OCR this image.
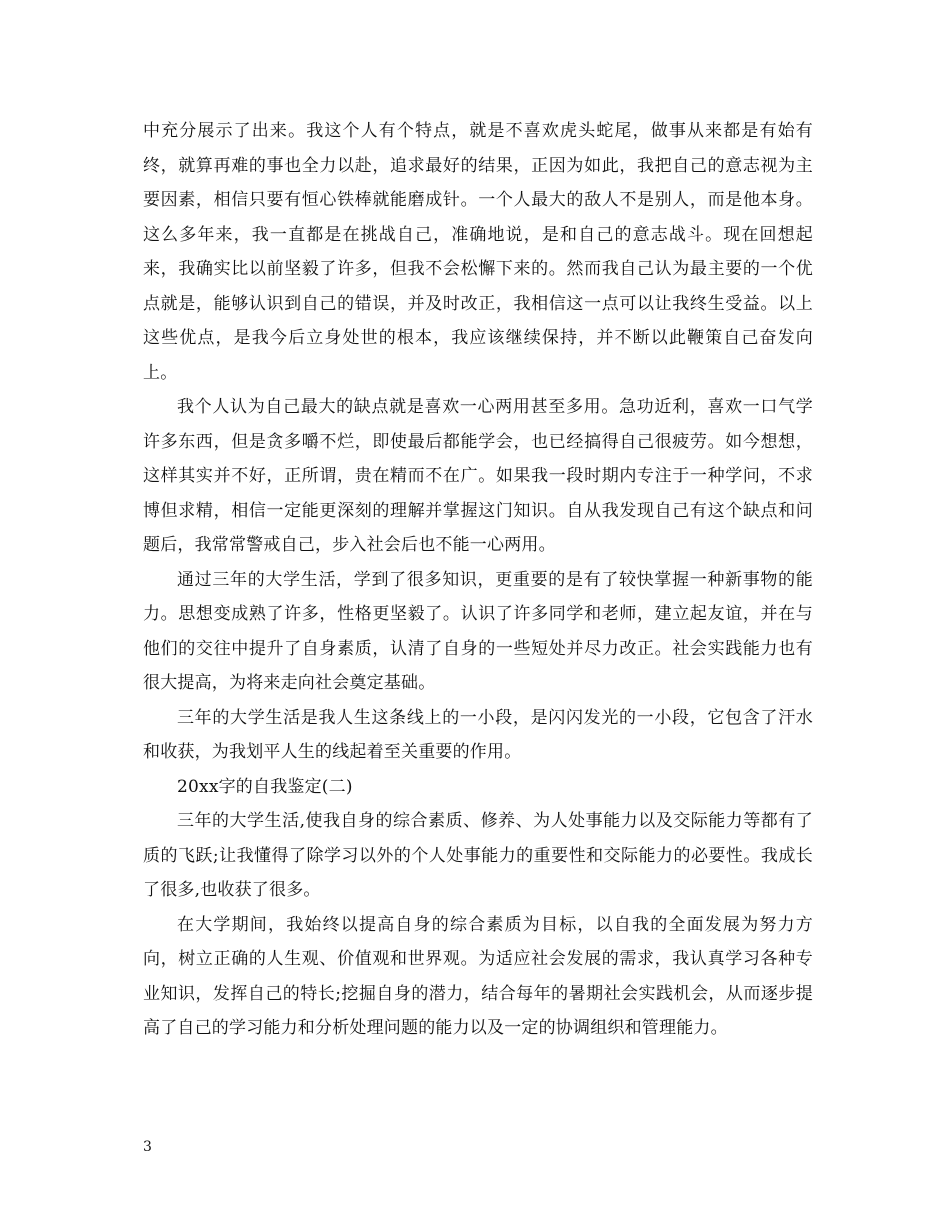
中充分展示了出来。我这个人有个特点，就是不喜欢虎头蛇尾，做事从来都是有始有终，就算再难的事也全力以赴，追求最好的结果，正因为如此，我把自己的意志视为主要因素，相信只要有恒心铁棒就能磨成针。一个人最大的敌人不是别人，而是他本身。这么多年来，我一直都是在挑战自己，准确地说，是和自己的意志战斗。现在回想起来，我确实比以前坚毅了许多，但我不会松懈下来的。然而我自己认为最主要的一个优点就是，能够认识到自己的错误，并及时改正，我相信这一点可以让我终生受益。以上这些优点，是我今后立身处世的根本，我应该继续保持，并不断以此鞭策自己奋发向上。

我个人认为自己最大的缺点就是喜欢一心两用甚至多用。急功近利，喜欢一口气学许多东西，但是贪多嚼不烂，即使最后都能学会，也已经搞得自己很疲劳。如今想想，这样其实并不好，正所谓，贵在精而不在广。如果我一段时期内专注于一种学问，不求博但求精，相信一定能更深刻的理解并掌握这门知识。自从我发现自己有这个缺点和问题后，我常常警戒自己，步入社会后也不能一心两用。

通过三年的大学生活，学到了很多知识，更重要的是有了较快掌握一种新事物的能力。思想变成熟了许多，性格更坚毅了。认识了许多同学和老师，建立起友谊，并在与他们的交往中提升了自身素质，认清了自身的一些短处并尽力改正。社会实践能力也有很大提高，为将来走向社会奠定基础。

三年的大学生活是我人生这条线上的一小段，是闪闪发光的一小段，它包含了汗水和收获，为我划平人生的线起着至关重要的作用。

20xx字的自我鉴定(二)

三年的大学生活,使我自身的综合素质、修养、为人处事能力以及交际能力等都有了质的飞跃;让我懂得了除学习以外的个人处事能力的重要性和交际能力的必要性。我成长了很多,也收获了很多。

在大学期间，我始终以提高自身的综合素质为目标，以自我的全面发展为努力方向，树立正确的人生观、价值观和世界观。为适应社会发展的需求，我认真学习各种专业知识，发挥自己的特长;挖掘自身的潜力，结合每年的暑期社会实践机会，从而逐步提高了自己的学习能力和分析处理问题的能力以及一定的协调组织和管理能力。

3
